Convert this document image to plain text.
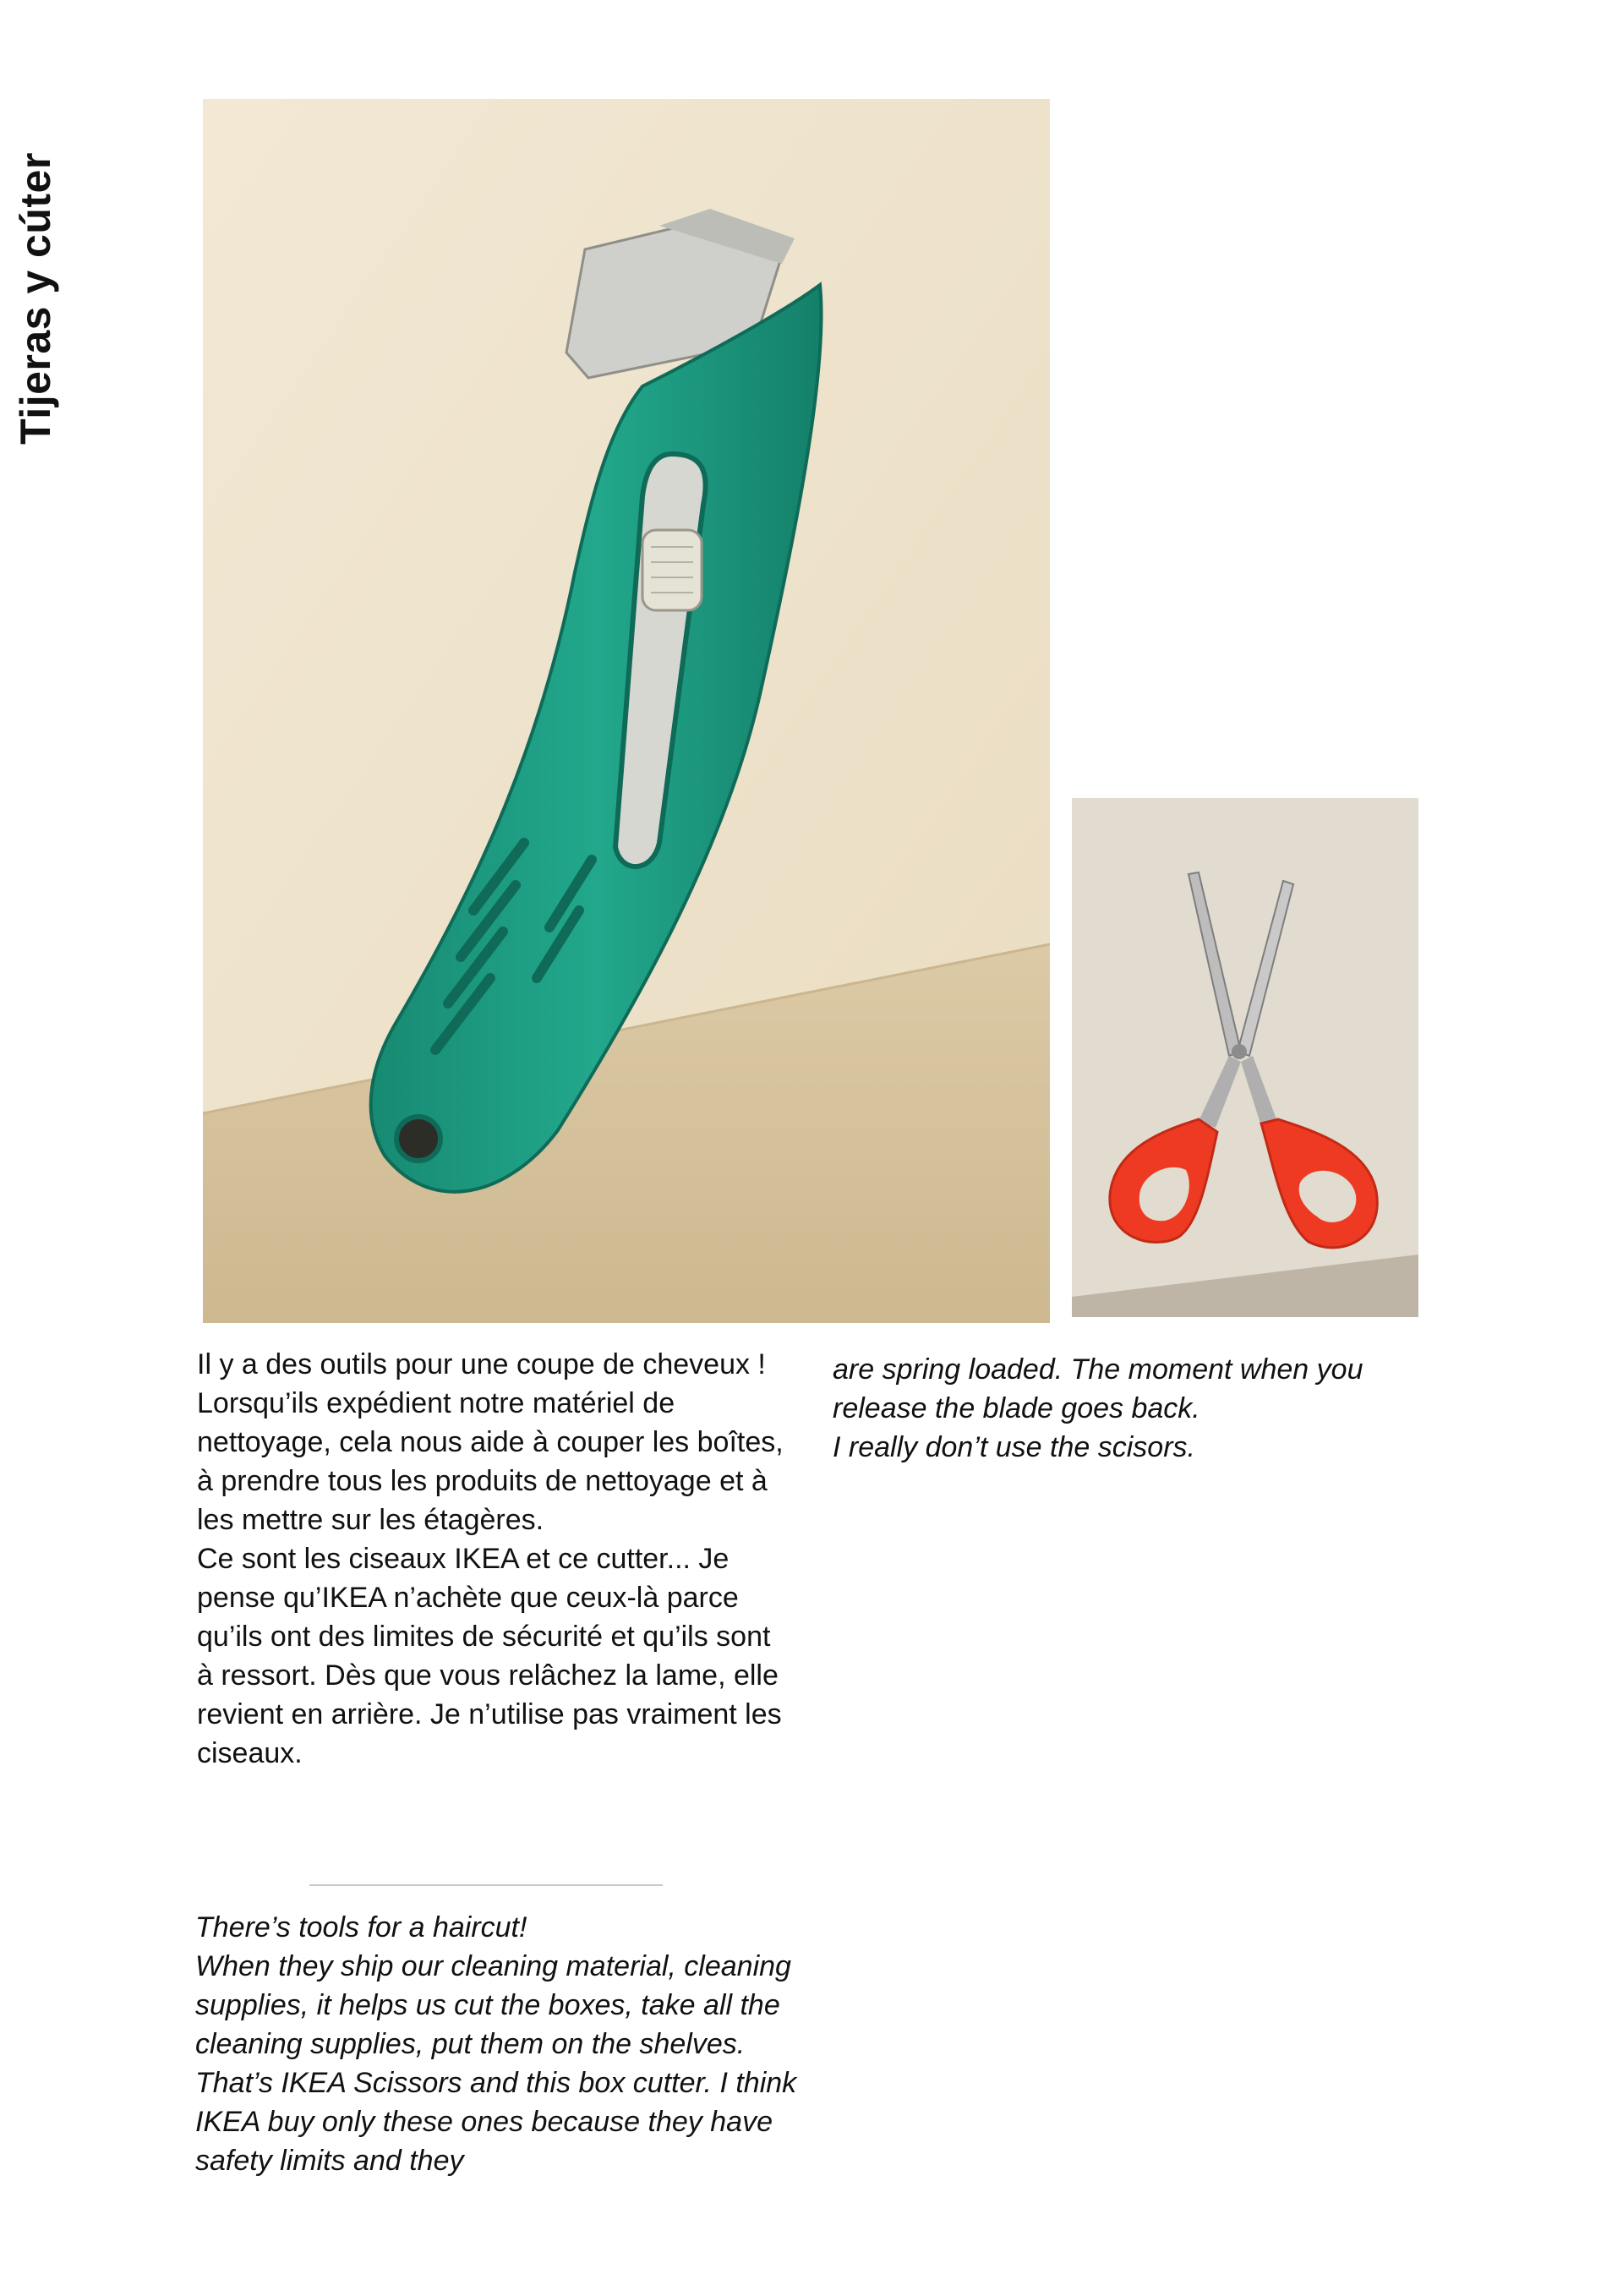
Tijeras y cúter

Il y a des outils pour une coupe de cheveux !
Lorsqu’ils expédient notre matériel de nettoyage, cela nous aide à couper les boîtes, à prendre tous les produits de nettoyage et à les mettre sur les étagères.
Ce sont les ciseaux IKEA et ce cutter... Je pense qu’IKEA n’achète que ceux-là parce qu’ils ont des limites de sécurité et qu’ils sont à ressort. Dès que vous relâchez la lame, elle revient en arrière. Je n’utilise pas vraiment les ciseaux.

There’s tools for a haircut!
When they ship our cleaning material, cleaning supplies, it helps us cut the boxes, take all the cleaning supplies, put them on the shelves.
That’s IKEA Scissors and this box cutter. I think IKEA buy only these ones because they have safety limits and they

are spring loaded. The moment when you release the blade goes back.
I really don’t use the scisors.
